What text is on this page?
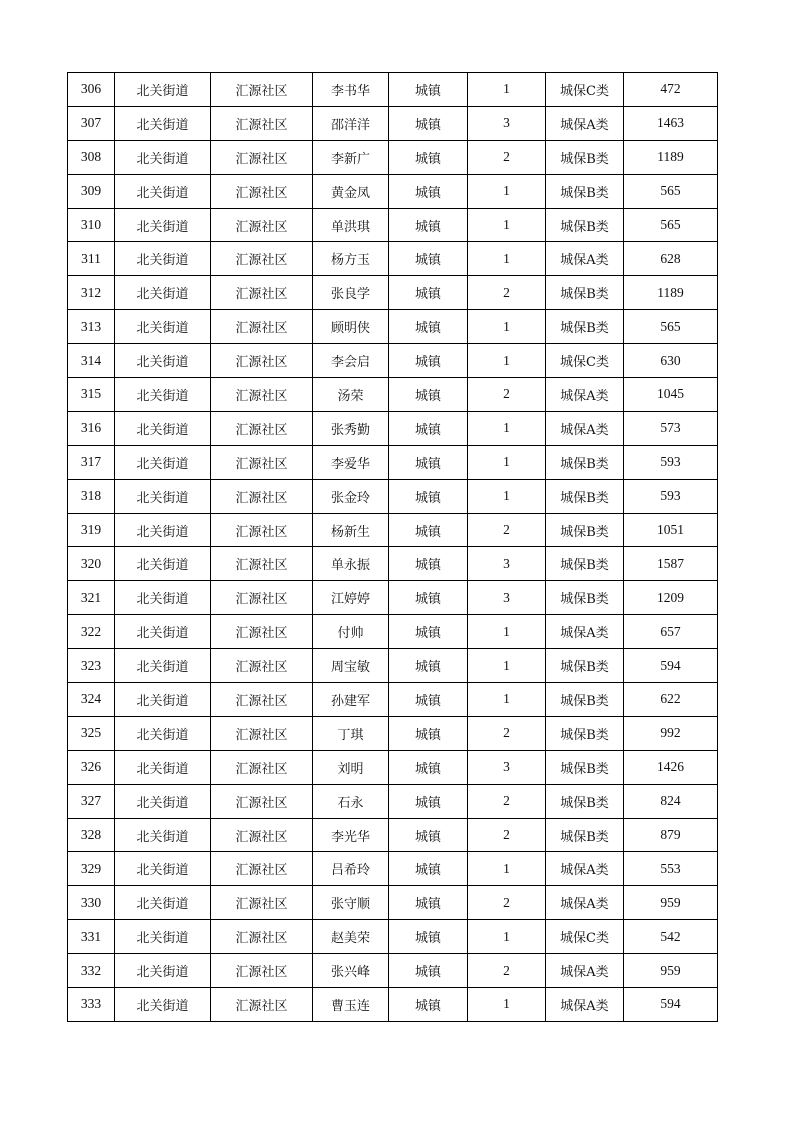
306	北关街道	汇源社区	李书华	城镇	1	城保C类	472
307	北关街道	汇源社区	邵洋洋	城镇	3	城保A类	1463
308	北关街道	汇源社区	李新广	城镇	2	城保B类	1189
309	北关街道	汇源社区	黄金凤	城镇	1	城保B类	565
310	北关街道	汇源社区	单洪琪	城镇	1	城保B类	565
311	北关街道	汇源社区	杨方玉	城镇	1	城保A类	628
312	北关街道	汇源社区	张良学	城镇	2	城保B类	1189
313	北关街道	汇源社区	顾明侠	城镇	1	城保B类	565
314	北关街道	汇源社区	李会启	城镇	1	城保C类	630
315	北关街道	汇源社区	汤荣	城镇	2	城保A类	1045
316	北关街道	汇源社区	张秀勤	城镇	1	城保A类	573
317	北关街道	汇源社区	李爱华	城镇	1	城保B类	593
318	北关街道	汇源社区	张金玲	城镇	1	城保B类	593
319	北关街道	汇源社区	杨新生	城镇	2	城保B类	1051
320	北关街道	汇源社区	单永振	城镇	3	城保B类	1587
321	北关街道	汇源社区	江婷婷	城镇	3	城保B类	1209
322	北关街道	汇源社区	付帅	城镇	1	城保A类	657
323	北关街道	汇源社区	周宝敏	城镇	1	城保B类	594
324	北关街道	汇源社区	孙建军	城镇	1	城保B类	622
325	北关街道	汇源社区	丁琪	城镇	2	城保B类	992
326	北关街道	汇源社区	刘明	城镇	3	城保B类	1426
327	北关街道	汇源社区	石永	城镇	2	城保B类	824
328	北关街道	汇源社区	李光华	城镇	2	城保B类	879
329	北关街道	汇源社区	吕希玲	城镇	1	城保A类	553
330	北关街道	汇源社区	张守顺	城镇	2	城保A类	959
331	北关街道	汇源社区	赵美荣	城镇	1	城保C类	542
332	北关街道	汇源社区	张兴峰	城镇	2	城保A类	959
333	北关街道	汇源社区	曹玉连	城镇	1	城保A类	594
